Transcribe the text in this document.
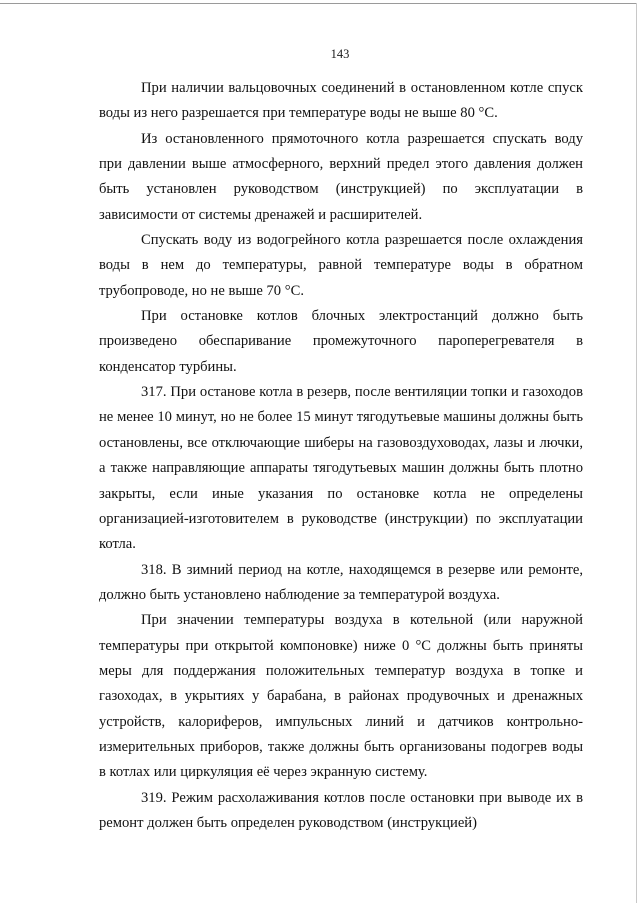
143

При наличии вальцовочных соединений в остановленном котле спуск воды из него разрешается при температуре воды не выше 80 °С.

Из остановленного прямоточного котла разрешается спускать воду при давлении выше атмосферного, верхний предел этого давления должен быть установлен руководством (инструкцией) по эксплуатации в зависимости от системы дренажей и расширителей.

Спускать воду из водогрейного котла разрешается после охлаждения воды в нем до температуры, равной температуре воды в обратном трубопроводе, но не выше 70 °С.

При остановке котлов блочных электростанций должно быть произведено обеспаривание промежуточного пароперегревателя в конденсатор турбины.

317. При останове котла в резерв, после вентиляции топки и газоходов не менее 10 минут, но не более 15 минут тягодутьевые машины должны быть остановлены, все отключающие шиберы на газовоздуховодах, лазы и лючки, а также направляющие аппараты тягодутьевых машин должны быть плотно закрыты, если иные указания по остановке котла не определены организацией-изготовителем в руководстве (инструкции) по эксплуатации котла.

318. В зимний период на котле, находящемся в резерве или ремонте, должно быть установлено наблюдение за температурой воздуха.

При значении температуры воздуха в котельной (или наружной температуры при открытой компоновке) ниже 0 °С должны быть приняты меры для поддержания положительных температур воздуха в топке и газоходах, в укрытиях у барабана, в районах продувочных и дренажных устройств, калориферов, импульсных линий и датчиков контрольно-измерительных приборов, также должны быть организованы подогрев воды в котлах или циркуляция её через экранную систему.

319. Режим расхолаживания котлов после остановки при выводе их в ремонт должен быть определен руководством (инструкцией)
